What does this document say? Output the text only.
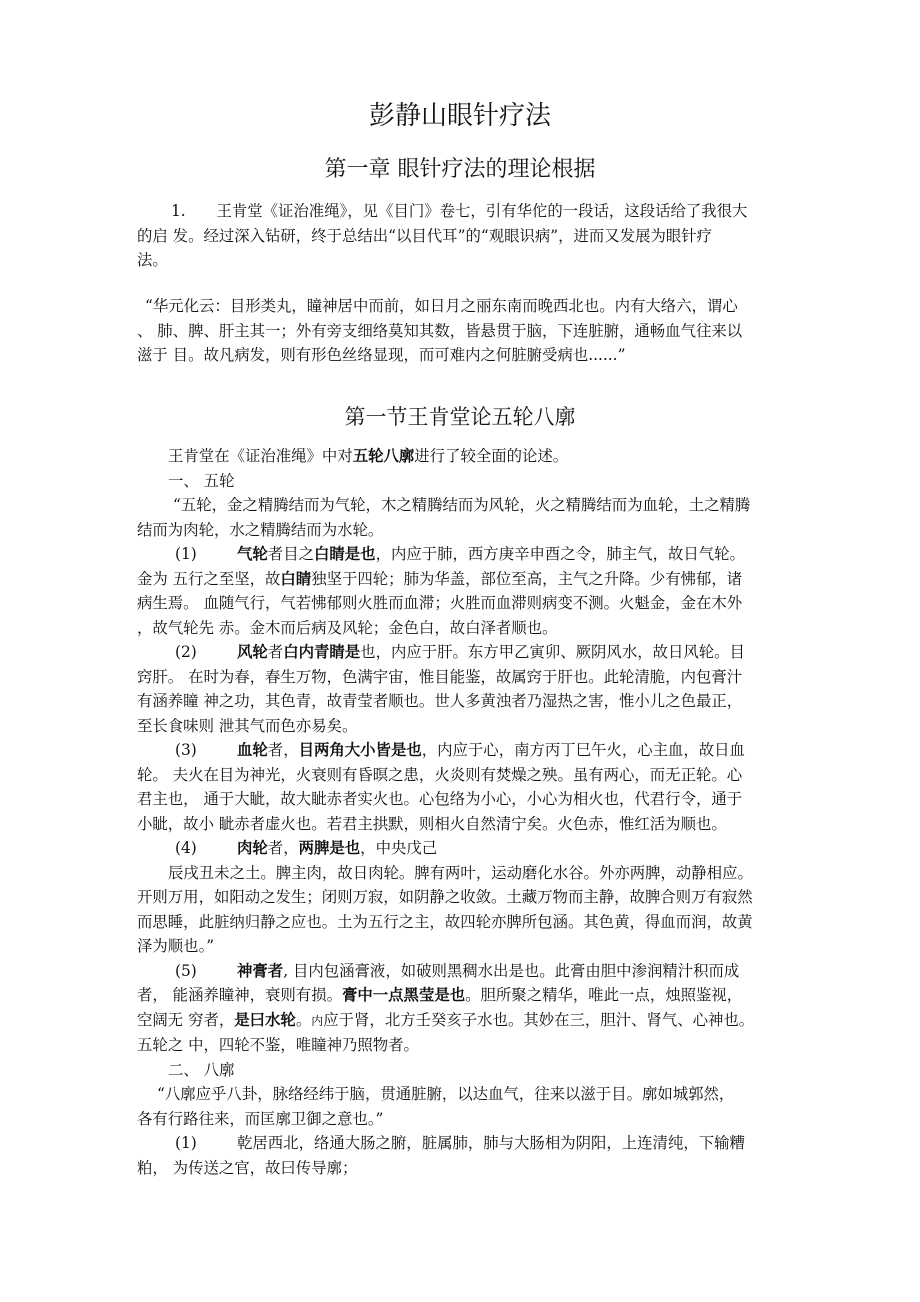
彭静山眼针疗法
第一章 眼针疗法的理论根据
1.　　王肯堂《证治准绳》，见《目门》卷七，引有华佗的一段话，这段话给了我很大
的启 发。经过深入钻研，终于总结出“以目代耳”的“观眼识病”，进而又发展为眼针疗
法。
“华元化云：目形类丸，瞳神居中而前，如日月之丽东南而晚西北也。内有大络六，谓心
、 肺、脾、肝主其一；外有旁支细络莫知其数，皆悬贯于脑，下连脏腑，通畅血气往来以
滋于 目。故凡病发，则有形色丝络显现，而可难内之何脏腑受病也......”
第一节王肯堂论五轮八廓
王肯堂在《证治准绳》中对五轮八廓进行了较全面的论述。
一、 五轮
“五轮，金之精腾结而为气轮，木之精腾结而为风轮，火之精腾结而为血轮，土之精腾
结而为肉轮，水之精腾结而为水轮。
(1)	气轮者目之白睛是也，内应于肺，西方庚辛申酉之令，肺主气，故日气轮。
金为 五行之至坚，故白睛独坚于四轮；肺为华盖，部位至高，主气之升降。少有怫郁，诸
病生焉。 血随气行，气若怫郁则火胜而血滞；火胜而血滞则病变不测。火魁金，金在木外
，故气轮先 赤。金木而后病及风轮；金色白，故白泽者顺也。
(2)	风轮者白内青睛是也，内应于肝。东方甲乙寅卯、厥阴风水，故日风轮。目
窍肝。 在时为春，春生万物，色满宇宙，惟目能鉴，故属窍于肝也。此轮清脆，内包膏汁
有涵养瞳 神之功，其色青，故青莹者顺也。世人多黄浊者乃湿热之害，惟小儿之色最正，
至长食味则 泄其气而色亦易矣。
(3)	血轮者，目两角大小皆是也，内应于心，南方丙丁巳午火，心主血，故日血
轮。 夫火在目为神光，火衰则有昏暝之患，火炎则有焚燥之殃。虽有两心，而无正轮。心
君主也， 通于大眦，故大眦赤者实火也。心包络为小心，小心为相火也，代君行令，通于
小眦，故小 眦赤者虚火也。若君主拱默，则相火自然清宁矣。火色赤，惟红活为顺也。
(4)	肉轮者，两脾是也，中央戊己
辰戌丑未之土。脾主肉，故日肉轮。脾有两叶，运动磨化水谷。外亦两脾，动静相应。
开则万用，如阳动之发生；闭则万寂，如阴静之收敛。土藏万物而主静，故脾合则万有寂然
而思睡，此脏纳归静之应也。土为五行之主，故四轮亦脾所包涵。其色黄，得血而润，故黄
泽为顺也。”
(5)	神膏者, 目内包涵膏液，如破则黑稠水出是也。此膏由胆中渗润精汁积而成
者， 能涵养瞳神，衰则有损。膏中一点黑莹是也。胆所聚之精华，唯此一点，烛照鉴视，
空阔无 穷者，是曰水轮。内应于肾，北方壬癸亥子水也。其妙在三，胆汁、肾气、心神也。
五轮之 中，四轮不鉴，唯瞳神乃照物者。
二、 八廓
“八廓应乎八卦，脉络经纬于脑，贯通脏腑，以达血气，往来以滋于目。廓如城郭然，
各有行路往来，而匡廓卫御之意也。”
(1)	乾居西北，络通大肠之腑，脏属肺，肺与大肠相为阴阳，上连清纯，下输糟
粕， 为传送之官，故曰传导廓；
